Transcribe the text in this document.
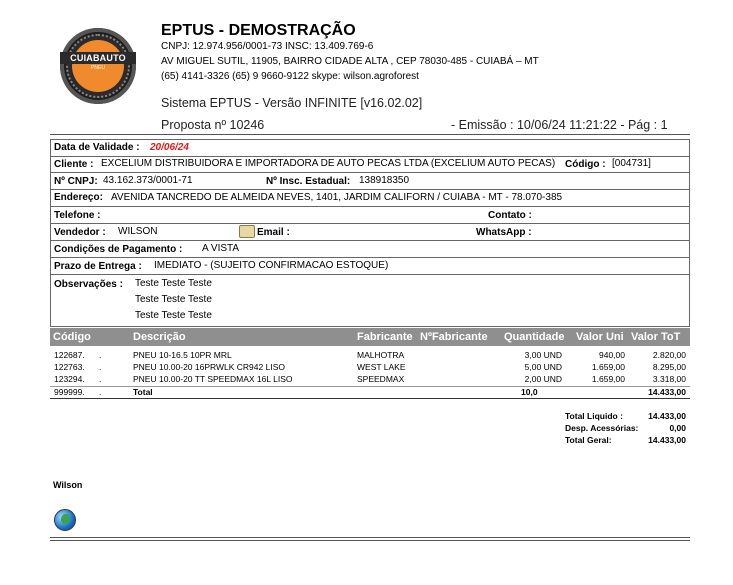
CUIABAUTO
PNEU
EPTUS - DEMOSTRAÇÃO
CNPJ: 12.974.956/0001-73 INSC: 13.409.769-6
AV MIGUEL SUTIL, 11905, BAIRRO CIDADE ALTA , CEP 78030-485 - CUIABÁ – MT
(65) 4141-3326 (65) 9 9660-9122 skype: wilson.agroforest
Sistema EPTUS - Versão INFINITE [v16.02.02]
Proposta nº 10246	- Emissão : 10/06/24 11:21:22 - Pág : 1
Data de Validade : 20/06/24
Cliente : EXCELIUM DISTRIBUIDORA E IMPORTADORA DE AUTO PECAS LTDA (EXCELIUM AUTO PECAS) Código : [004731]
Nº CNPJ: 43.162.373/0001-71	Nº Insc. Estadual: 138918350
Endereço: AVENIDA TANCREDO DE ALMEIDA NEVES, 1401, JARDIM CALIFORN / CUIABA - MT - 78.070-385
Telefone :	Contato :
Vendedor : WILSON	Email :	WhatsApp :
Condições de Pagamento : A VISTA
Prazo de Entrega : IMEDIATO - (SUJEITO CONFIRMACAO ESTOQUE)
Observações : Teste Teste Teste
Teste Teste Teste
Teste Teste Teste
Código	Descrição	Fabricante NºFabricante Quantidade Valor Uni Valor ToT
122687. .	PNEU 10-16.5 10PR MRL	MALHOTRA	3,00 UND	940,00	2.820,00
122763. .	PNEU 10.00-20 16PRWLK CR942 LISO	WEST LAKE	5,00 UND	1.659,00	8.295,00
123294. .	PNEU 10.00-20 TT SPEEDMAX 16L LISO	SPEEDMAX	2,00 UND	1.659,00	3.318,00
999999. .	Total	10,0	14.433,00
Total Liquido :	14.433,00
Desp. Acessórias:	0,00
Total Geral:	14.433,00
Wilson
